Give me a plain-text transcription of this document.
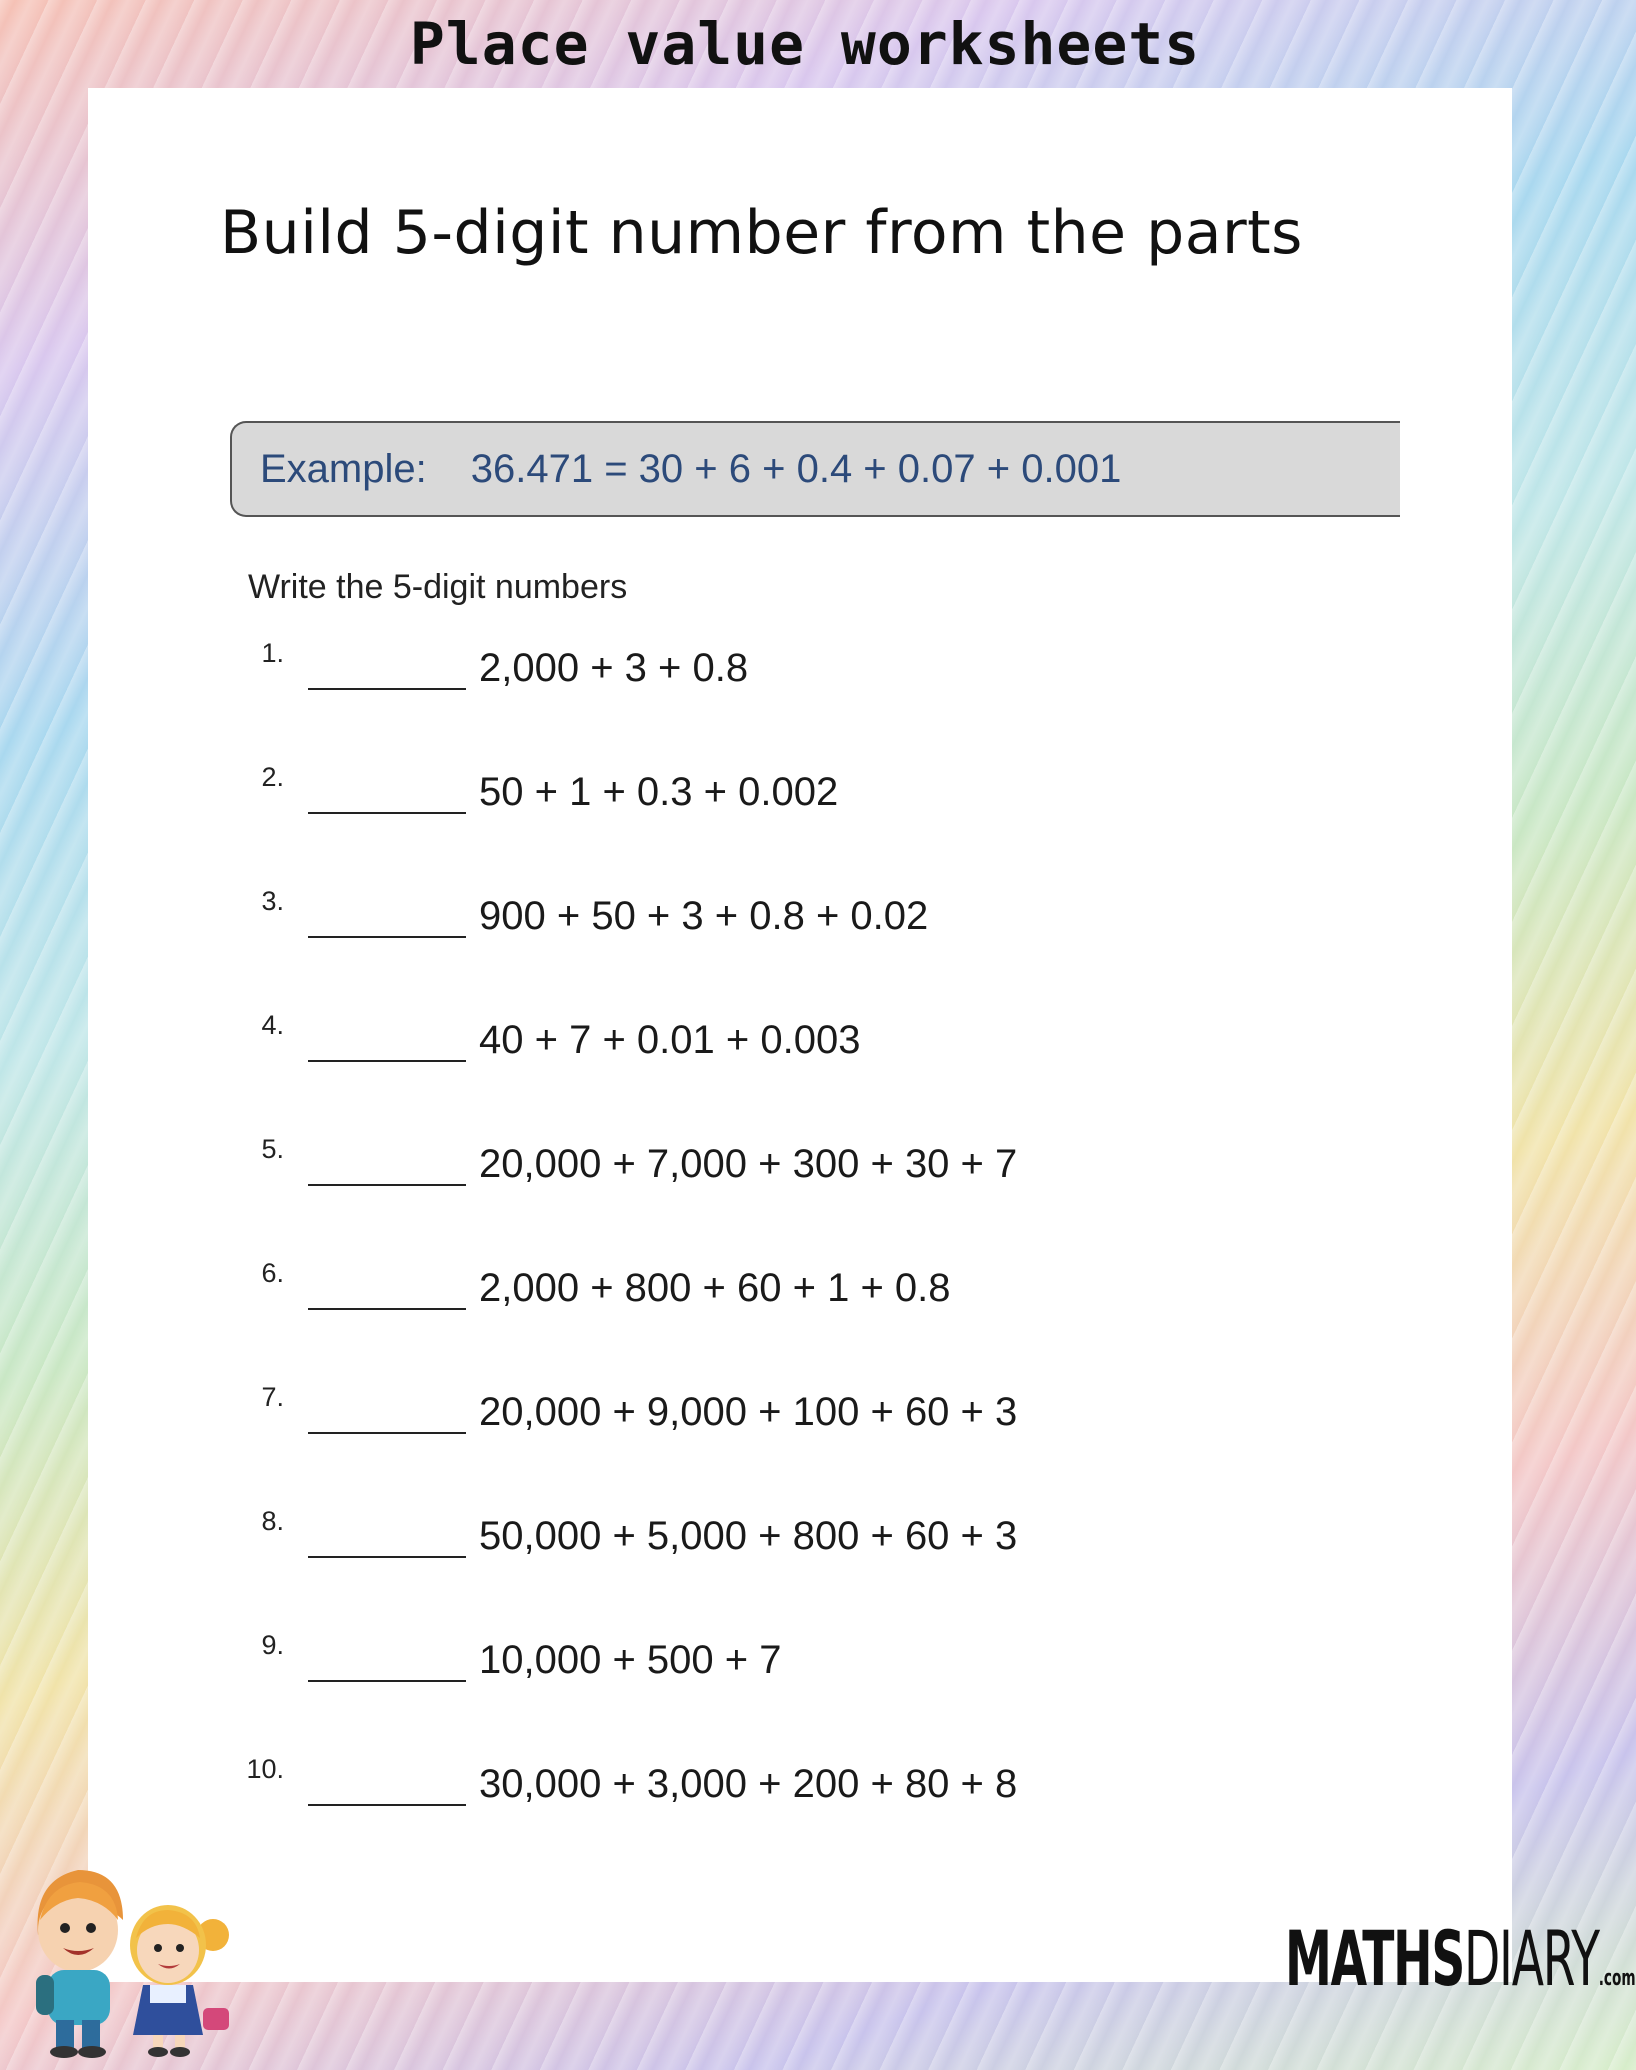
Place value worksheets
Build 5-digit number from the parts
Example: 36.471 = 30 + 6 + 0.4 + 0.07 + 0.001
Write the 5-digit numbers
1.	2,000 + 3 + 0.8
2.	50 + 1 + 0.3 + 0.002
3.	900 + 50 + 3 + 0.8 + 0.02
4.	40 + 7 + 0.01 + 0.003
5.	20,000 + 7,000 + 300 + 30 + 7
6.	2,000 + 800 + 60 + 1 + 0.8
7.	20,000 + 9,000 + 100 + 60 + 3
8.	50,000 + 5,000 + 800 + 60 + 3
9.	10,000 + 500 + 7
10.	30,000 + 3,000 + 200 + 80 + 8
MATHSDIARY.com
